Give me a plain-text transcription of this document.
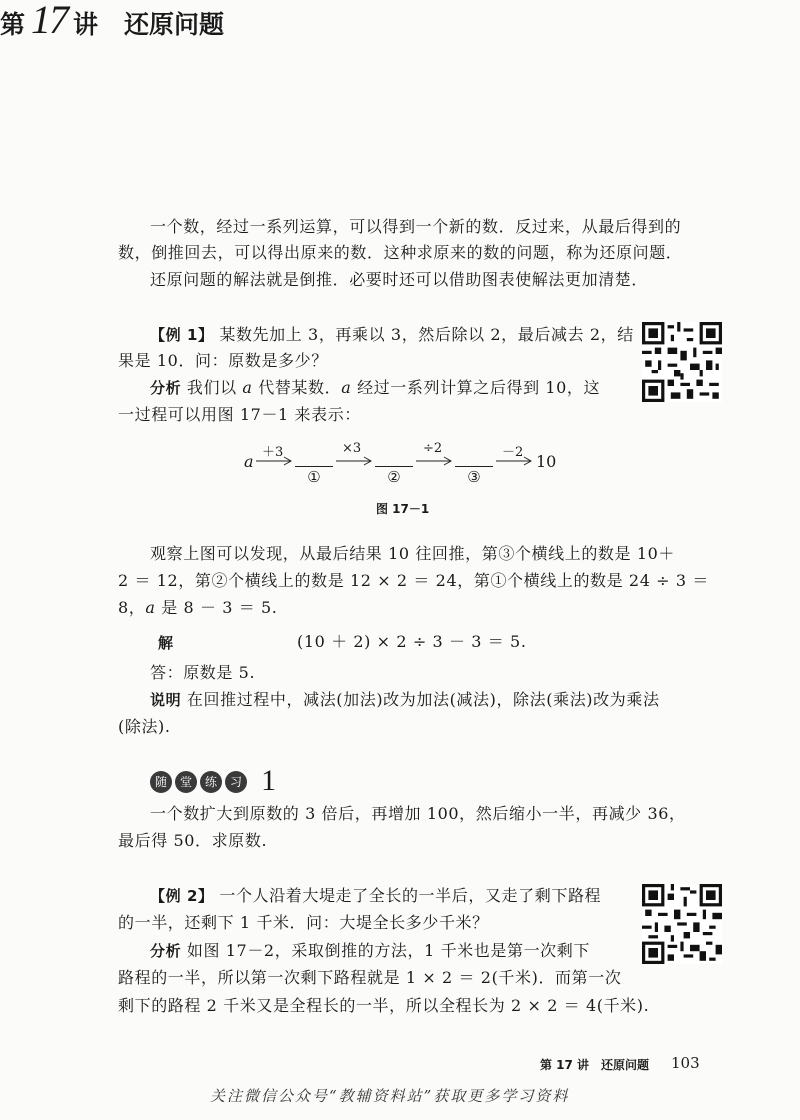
第 17 讲 还原问题
一个数，经过一系列运算，可以得到一个新的数．反过来，从最后得到的
数，倒推回去，可以得出原来的数．这种求原来的数的问题，称为还原问题．
还原问题的解法就是倒推．必要时还可以借助图表使解法更加清楚．
【例 1】 某数先加上 3，再乘以 3，然后除以 2，最后减去 2，结
果是 10．问：原数是多少？
分析 我们以 a 代替某数．a 经过一系列计算之后得到 10，这
一过程可以用图 17－1 来表示：
a ＋3	×3	÷2	－2
①	②	③
10
图 17－1
观察上图可以发现，从最后结果 10 往回推，第③个横线上的数是 10＋
2 ＝ 12，第②个横线上的数是 12 × 2 ＝ 24，第①个横线上的数是 24 ÷ 3 ＝
8，a 是 8 － 3 ＝ 5.
解	(10 ＋ 2) × 2 ÷ 3 － 3 ＝ 5.
答：原数是 5.
说明 在回推过程中，减法(加法)改为加法(减法)，除法(乘法)改为乘法
(除法).
随 堂 练 习 1
一个数扩大到原数的 3 倍后，再增加 100，然后缩小一半，再减少 36，
最后得 50．求原数.
【例 2】 一个人沿着大堤走了全长的一半后，又走了剩下路程
的一半，还剩下 1 千米．问：大堤全长多少千米？
分析 如图 17－2，采取倒推的方法，1 千米也是第一次剩下
路程的一半，所以第一次剩下路程就是 1 × 2 ＝ 2(千米)．而第一次
剩下的路程 2 千米又是全程长的一半，所以全程长为 2 × 2 ＝ 4(千米).
第 17 讲　还原问题 103
关注微信公众号“教辅资料站”获取更多学习资料
